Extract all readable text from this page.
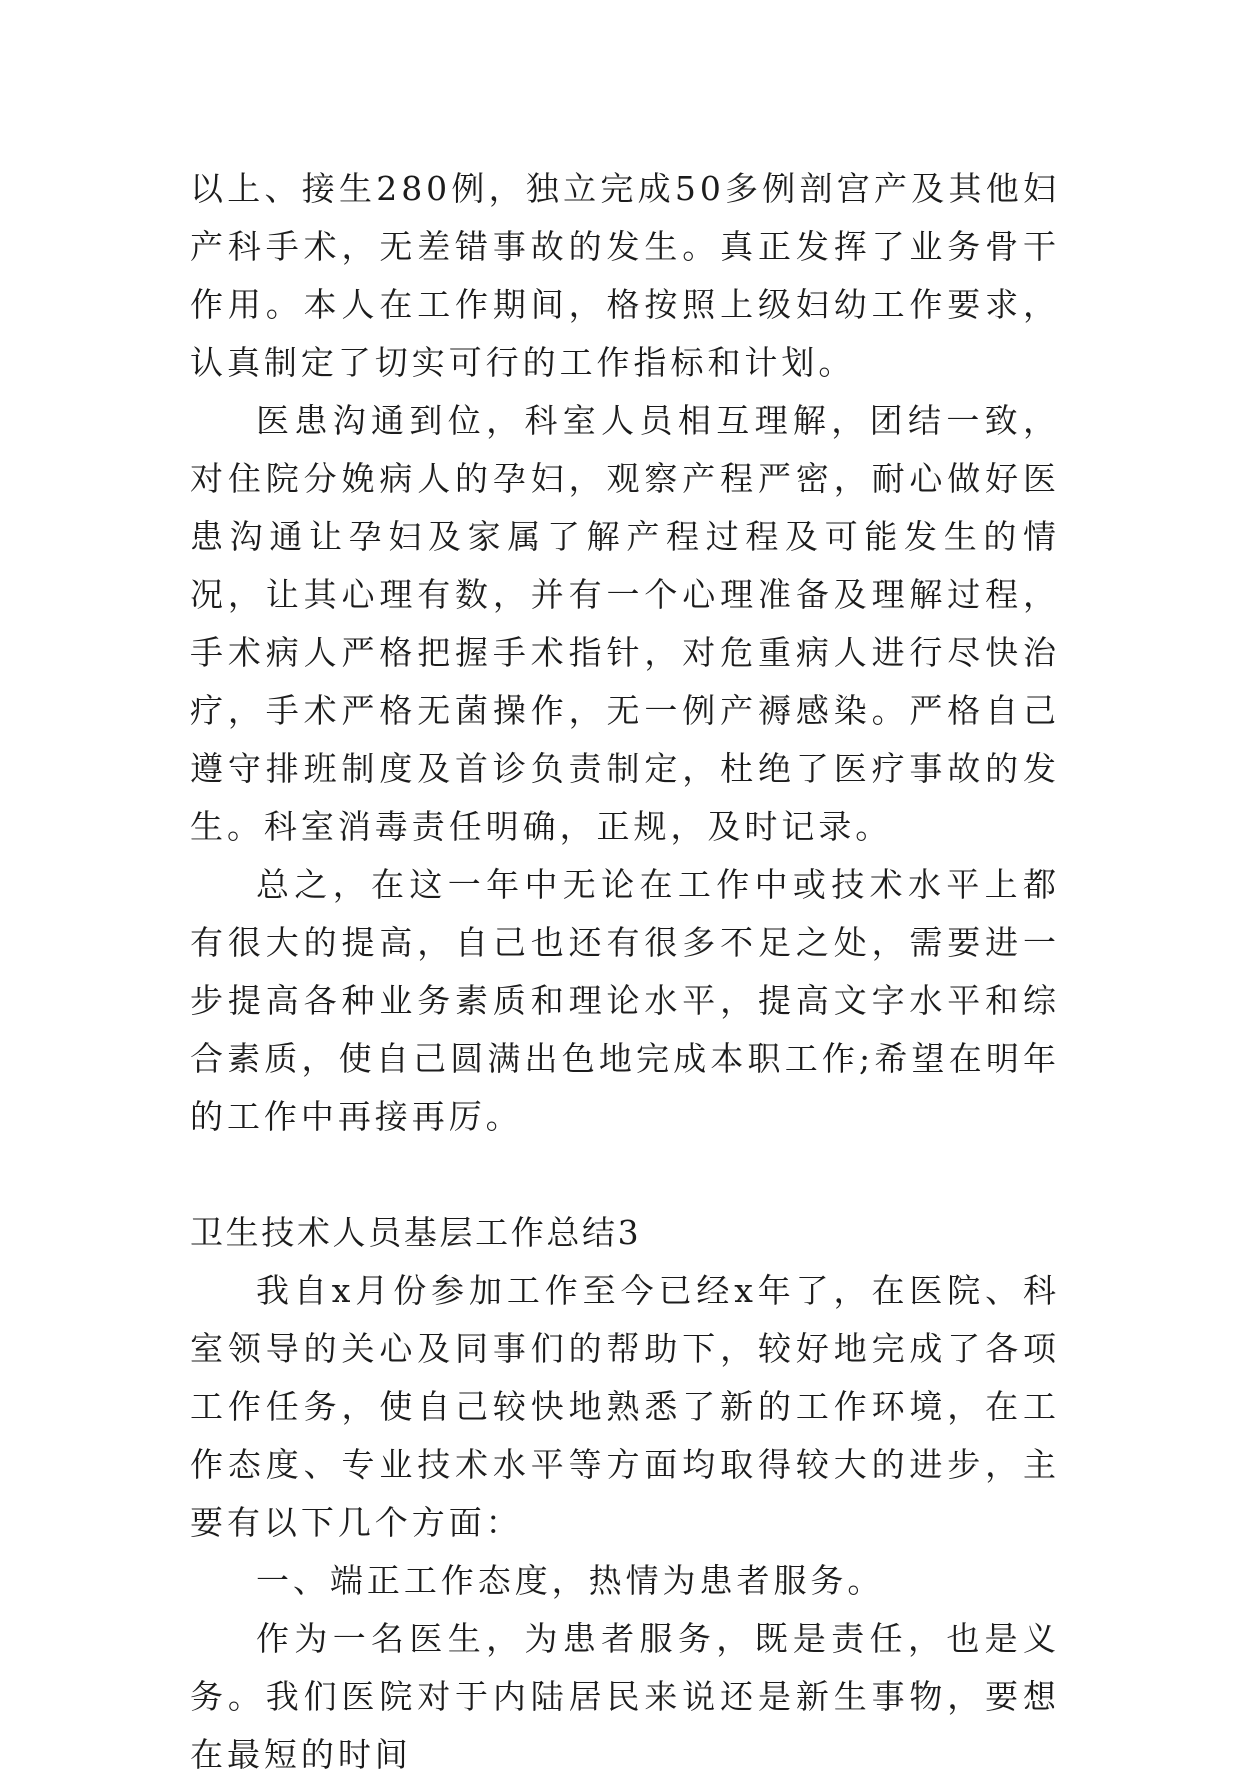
以上、接生280例，独立完成50多例剖宫产及其他妇产科手术，无差错事故的发生。真正发挥了业务骨干作用。本人在工作期间，格按照上级妇幼工作要求，认真制定了切实可行的工作指标和计划。

医患沟通到位，科室人员相互理解，团结一致，对住院分娩病人的孕妇，观察产程严密，耐心做好医患沟通让孕妇及家属了解产程过程及可能发生的情况，让其心理有数，并有一个心理准备及理解过程，手术病人严格把握手术指针，对危重病人进行尽快治疗，手术严格无菌操作，无一例产褥感染。严格自己遵守排班制度及首诊负责制定，杜绝了医疗事故的发生。科室消毒责任明确，正规，及时记录。

总之，在这一年中无论在工作中或技术水平上都有很大的提高，自己也还有很多不足之处，需要进一步提高各种业务素质和理论水平，提高文字水平和综合素质，使自己圆满出色地完成本职工作;希望在明年的工作中再接再厉。

卫生技术人员基层工作总结3

我自x月份参加工作至今已经x年了，在医院、科室领导的关心及同事们的帮助下，较好地完成了各项工作任务，使自己较快地熟悉了新的工作环境，在工作态度、专业技术水平等方面均取得较大的进步，主要有以下几个方面：

一、端正工作态度，热情为患者服务。

作为一名医生，为患者服务，既是责任，也是义务。我们医院对于内陆居民来说还是新生事物，要想在最短的时间
